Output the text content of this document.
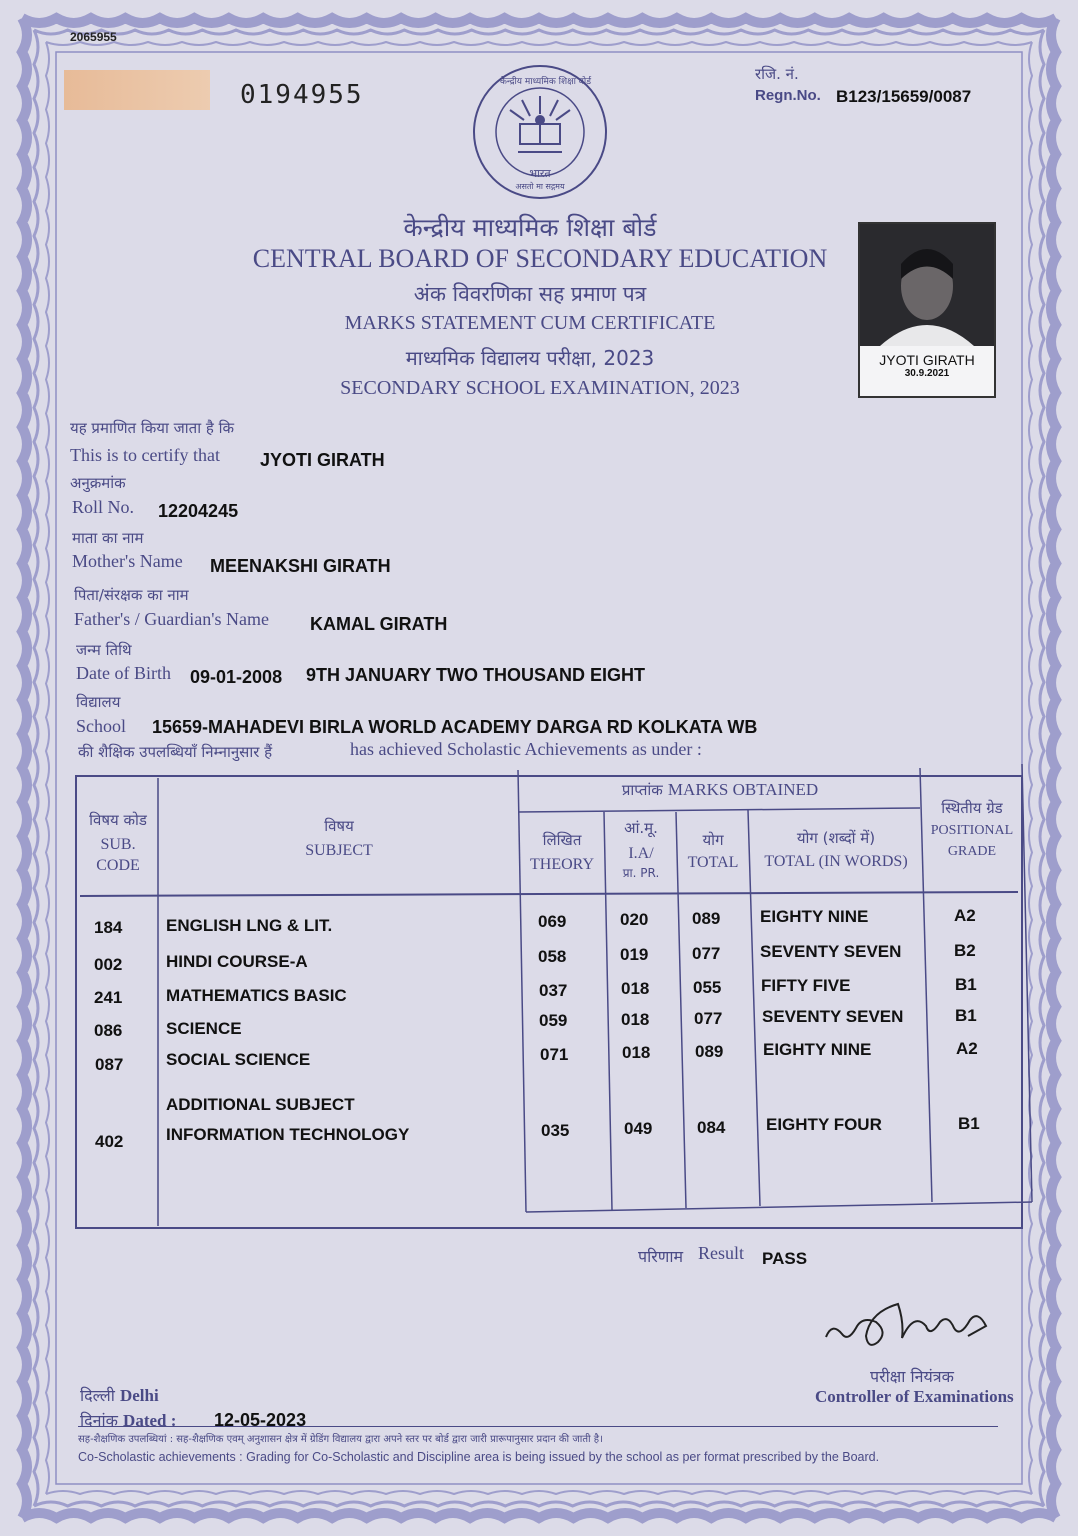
2065955
0194955	केन्द्रीय माध्यमिक शिक्षा बोर्ड
भारत
असतो मा सद्गमय
रजि. नं.
Regn.No. B123/15659/0087
केन्द्रीय माध्यमिक शिक्षा बोर्ड
CENTRAL BOARD OF SECONDARY EDUCATION
अंक विवरणिका सह प्रमाण पत्र
MARKS STATEMENT CUM CERTIFICATE
माध्यमिक विद्यालय परीक्षा, 2023
SECONDARY SCHOOL EXAMINATION, 2023
JYOTI GIRATH
30.9.2021
यह प्रमाणित किया जाता है कि
This is to certify that JYOTI GIRATH
अनुक्रमांक
Roll No. 12204245
माता का नाम
Mother's Name MEENAKSHI GIRATH
पिता/संरक्षक का नाम
Father's / Guardian's Name KAMAL GIRATH
जन्म तिथि
Date of Birth 09-01-2008 9TH JANUARY TWO THOUSAND EIGHT
विद्यालय
School 15659-MAHADEVI BIRLA WORLD ACADEMY DARGA RD KOLKATA WB
की शैक्षिक उपलब्धियाँ निम्नानुसार हैं	has achieved Scholastic Achievements as under :
विषय कोड
SUB.
CODE
विषय
SUBJECT
प्राप्तांक MARKS OBTAINED
लिखित
THEORY
आं.मू.
I.A/
प्रा. PR.
योग
TOTAL
योग (शब्दों में)
TOTAL (IN WORDS)
स्थितीय ग्रेड
POSITIONAL
GRADE
184	ENGLISH LNG & LIT.	069	020	089 EIGHTY NINE	A2
002	HINDI COURSE-A	058	019	077 SEVENTY SEVEN	B2
241	MATHEMATICS BASIC	037	018	055 FIFTY FIVE	B1
086	SCIENCE	059	018	077 SEVENTY SEVEN	B1
087	SOCIAL SCIENCE	071	018	089 EIGHTY NINE	A2
ADDITIONAL SUBJECT
402	INFORMATION TECHNOLOGY	035	049	084 EIGHTY FOUR	B1
परिणाम Result PASS
परीक्षा नियंत्रक
Controller of Examinations
दिल्ली Delhi
दिनांक Dated : 12-05-2023
सह-शैक्षणिक उपलब्धियां : सह-शैक्षणिक एवम् अनुशासन क्षेत्र में ग्रेडिंग विद्यालय द्वारा अपने स्तर पर बोर्ड द्वारा जारी प्रारूपानुसार प्रदान की जाती है।
Co-Scholastic achievements : Grading for Co-Scholastic and Discipline area is being issued by the school as per format prescribed by the Board.
